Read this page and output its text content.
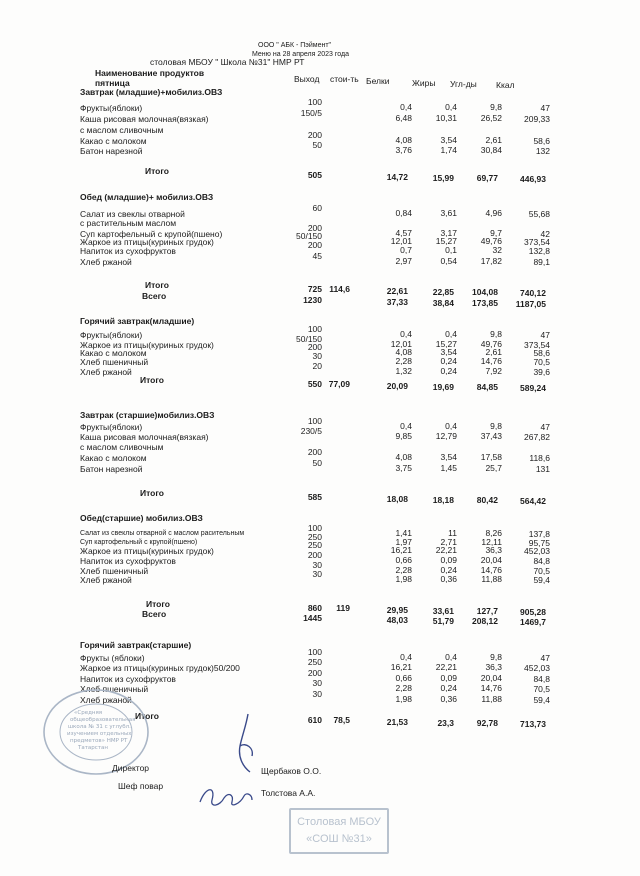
ООО " АБК - Пэймент"
Меню на 28 апреля 2023 года
столовая МБОУ " Школа №31" НМР РТ
Наименование продуктов
пятница	Выход стои-ть Белки	Жиры Угл-ды Ккал
Завтрак (младшие)+мобилиз.ОВЗ
Фрукты(яблоки)
100	0,4	0,4	9,8	47
Каша рисовая молочная(вязкая)
150/5	6,48	10,31	26,52	209,33
с маслом сливочным
Какао с молоком
200	4,08	3,54	2,61	58,6
Батон нарезной
50	3,76	1,74	30,84	132
Итого	505	14,72	15,99	69,77	446,93
Обед (младшие)+ мобилиз.ОВЗ
Салат из свеклы отварной
60	0,84	3,61	4,96	55,68
с растительным маслом
Суп картофельный с крупой(пшено)
200	4,57	3,17	9,7	42
Жаркое из птицы(куриных грудок)
50/150	12,01	15,27	49,76	373,54
Напиток из сухофруктов
200	0,7	0,1	32	132,8
Хлеб ржаной
45	2,97	0,54	17,82	89,1
Итого	725 114,6	22,61	22,85	104,08	740,12
Всего	1230	37,33	38,84	173,85	1187,05
Горячий завтрак(младшие)
Фрукты(яблоки)
100	0,4	0,4	9,8	47
Жаркое из птицы(куриных грудок)
50/150	12,01	15,27	49,76	373,54
Какао с молоком
200	4,08	3,54	2,61	58,6
Хлеб пшеничный
30	2,28	0,24	14,76	70,5
Хлеб ржаной
20	1,32	0,24	7,92	39,6
Итого	550 77,09	20,09	19,69	84,85	589,24
Завтрак (старшие)мобилиз.ОВЗ
Фрукты(яблоки)
100	0,4	0,4	9,8	47
Каша рисовая молочная(вязкая)
230/5	9,85	12,79	37,43	267,82
с маслом сливочным
Какао с молоком
200	4,08	3,54	17,58	118,6
Батон нарезной
50	3,75	1,45	25,7	131
Итого	585	18,08	18,18	80,42	564,42
Обед(старшие) мобилиз.ОВЗ
Салат из свеклы отварной с маслом расительным
100	1,41	11	8,26	137,8
Суп картофельный с крупой(пшено)
250	1,97	2,71	12,11	95,75
Жаркое из птицы(куриных грудок)
250	16,21	22,21	36,3	452,03
Напиток из сухофруктов
200	0,66	0,09	20,04	84,8
Хлеб пшеничный
30	2,28	0,24	14,76	70,5
Хлеб ржаной
30	1,98	0,36	11,88	59,4
Итого	860	119	29,95	33,61	127,7	905,28
Всего	1445	48,03	51,79	208,12	1469,7
Горячий завтрак(старшие)
Фрукты (яблоки)
100	0,4	0,4	9,8	47
Жаркое из птицы(куриных грудок)50/200
250	16,21	22,21	36,3	452,03
Напиток из сухофруктов
200	0,66	0,09	20,04	84,8
Хлеб пшеничный
30	2,28	0,24	14,76	70,5
Хлеб ржаной
30	1,98	0,36	11,88	59,4
Итого	610	78,5	21,53	23,3	92,78	713,73
«Средняя
общеобразовательная
школа № 31 с углубл.
изучением отдельных
предметов» НМР РТ
Татарстан
Директор	Щербаков О.О.
Шеф повар
Толстова А.А.
Столовая МБОУ
«СОШ №31»
